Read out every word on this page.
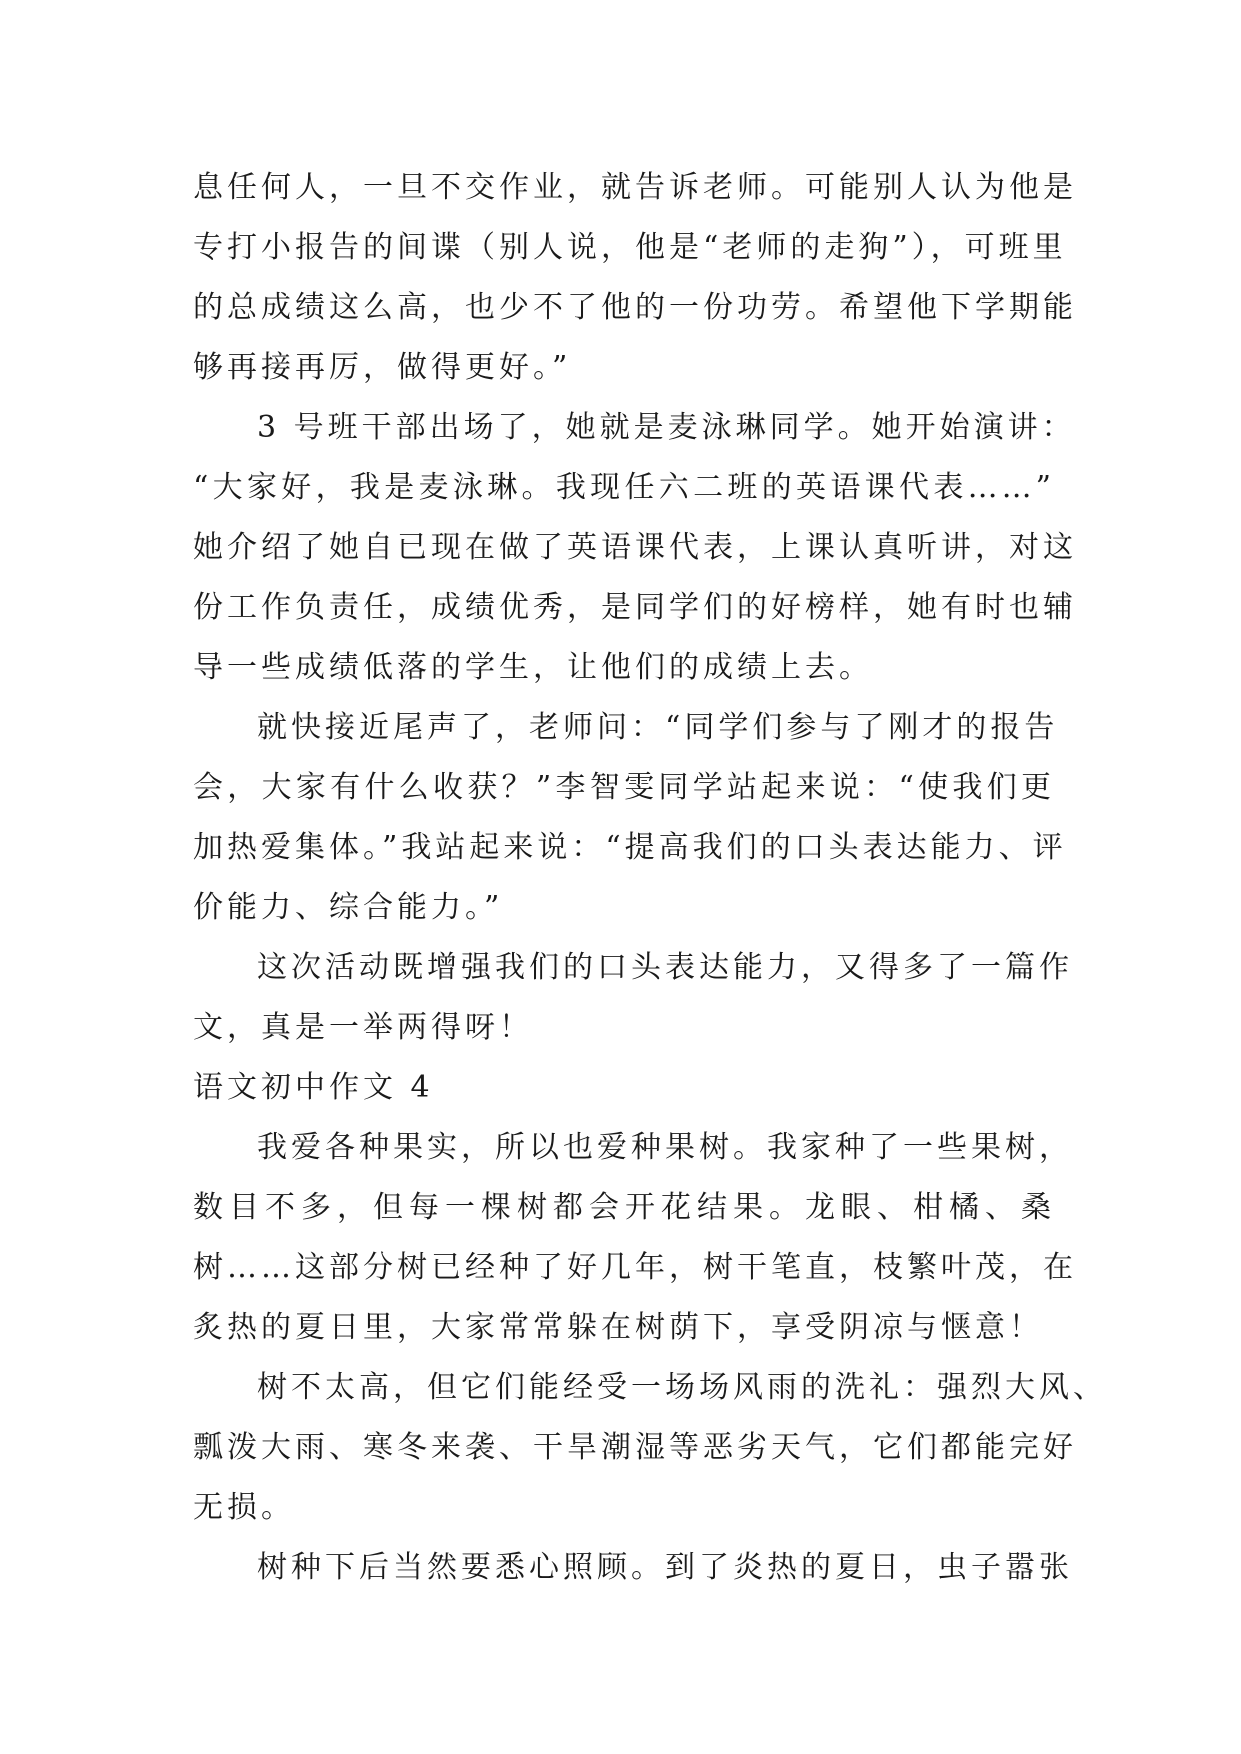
息任何人，一旦不交作业，就告诉老师。可能别人认为他是
专打小报告的间谍（别人说，他是“老师的走狗”），可班里
的总成绩这么高，也少不了他的一份功劳。希望他下学期能
够再接再厉，做得更好。”
3 号班干部出场了，她就是麦泳琳同学。她开始演讲：
“大家好，我是麦泳琳。我现任六二班的英语课代表……”
她介绍了她自已现在做了英语课代表，上课认真听讲，对这
份工作负责任，成绩优秀，是同学们的好榜样，她有时也辅
导一些成绩低落的学生，让他们的成绩上去。
就快接近尾声了，老师问：“同学们参与了刚才的报告
会，大家有什么收获？”李智雯同学站起来说：“使我们更
加热爱集体。”我站起来说：“提高我们的口头表达能力、评
价能力、综合能力。”
这次活动既增强我们的口头表达能力，又得多了一篇作
文，真是一举两得呀！
语文初中作文 4
我爱各种果实，所以也爱种果树。我家种了一些果树，
数目不多，但每一棵树都会开花结果。龙眼、柑橘、桑
树……这部分树已经种了好几年，树干笔直，枝繁叶茂，在
炙热的夏日里，大家常常躲在树荫下，享受阴凉与惬意！
树不太高，但它们能经受一场场风雨的洗礼：强烈大风、
瓢泼大雨、寒冬来袭、干旱潮湿等恶劣天气，它们都能完好
无损。
树种下后当然要悉心照顾。到了炎热的夏日，虫子嚣张
